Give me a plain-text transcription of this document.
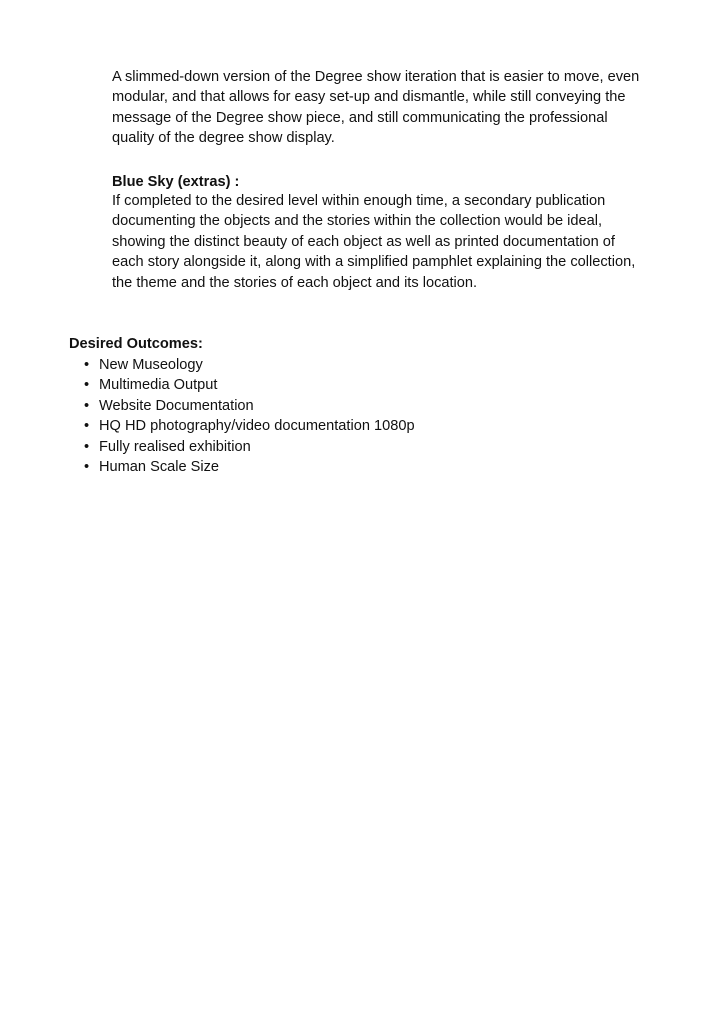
A slimmed-down version of the Degree show iteration that is easier to move, even
modular, and that allows for easy set-up and dismantle, while still conveying the
message of the Degree show piece, and still communicating the professional
quality of the degree show display.

Blue Sky (extras) :

If completed to the desired level within enough time, a secondary publication
documenting the objects and the stories within the collection would be ideal,
showing the distinct beauty of each object as well as printed documentation of
each story alongside it, along with a simplified pamphlet explaining the collection,
the theme and the stories of each object and its location.

Desired Outcomes:

• New Museology
• Multimedia Output
• Website Documentation
• HQ HD photography/video documentation 1080p
• Fully realised exhibition
• Human Scale Size
